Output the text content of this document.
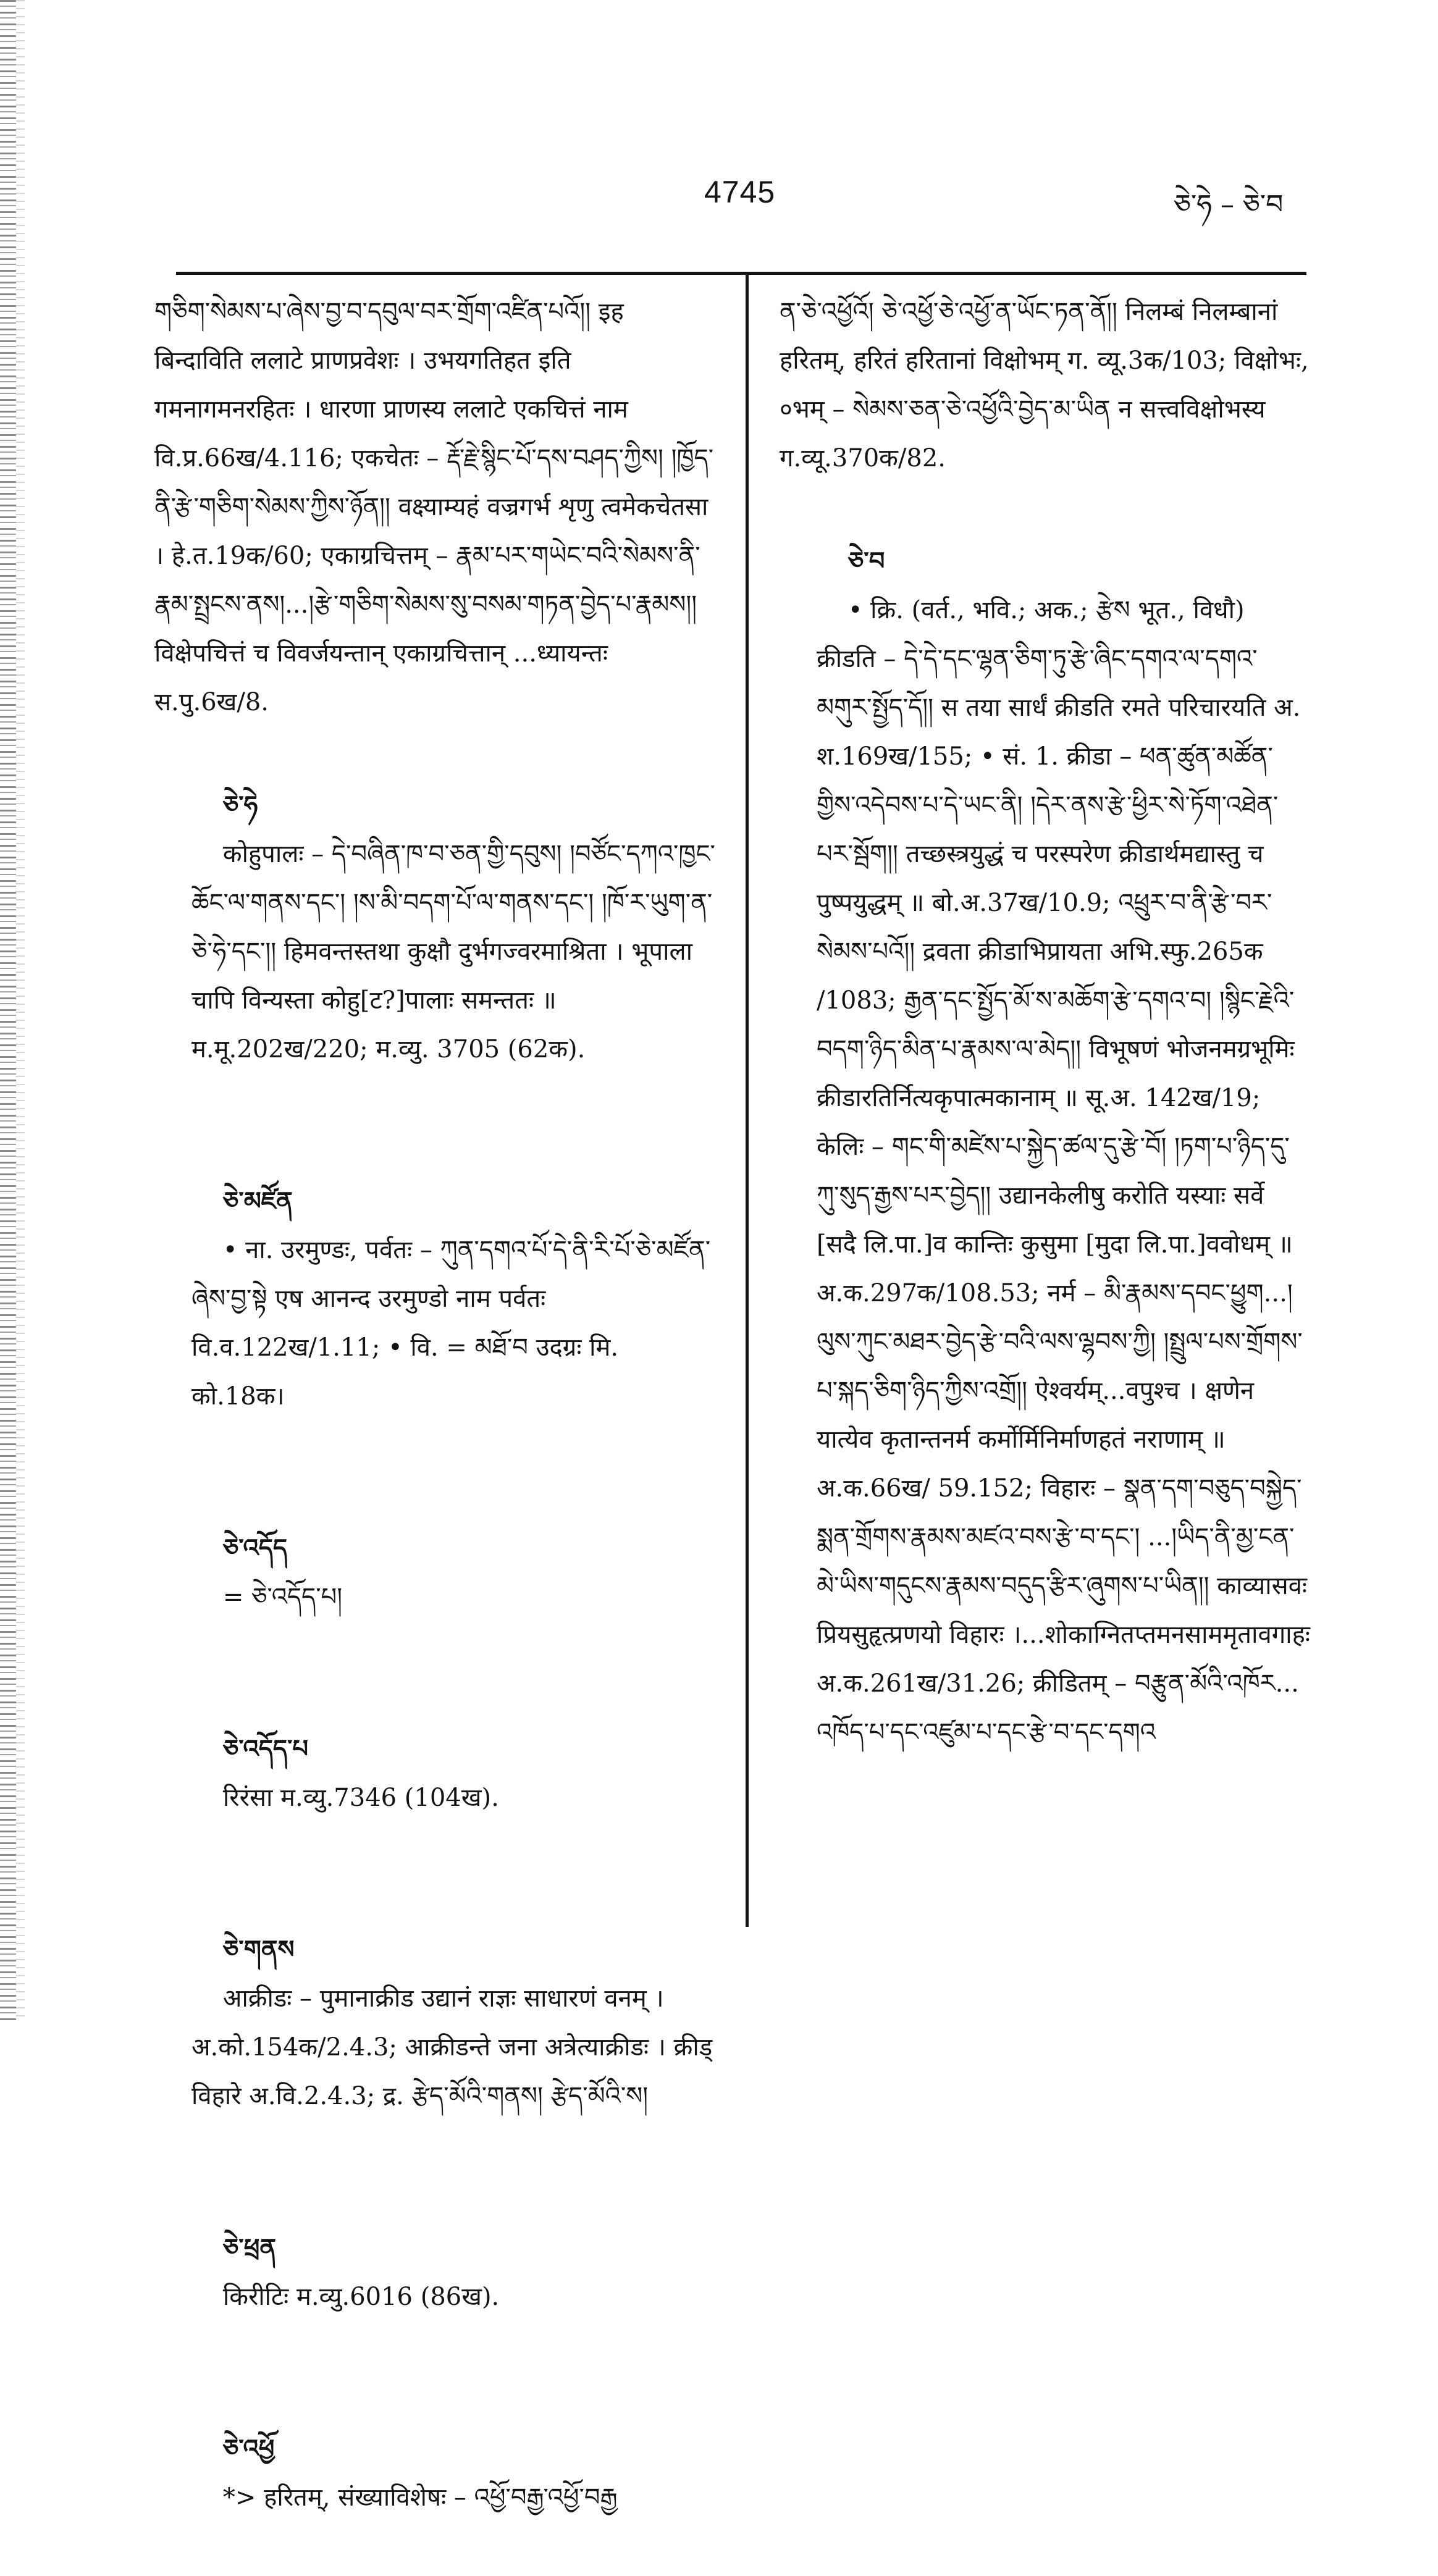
4745	ཅེ་ཧེ – ཅེ་བ
གཅིག་སེམས་པ་ཞེས་བྱ་བ་དབུལ་བར་གྲོག་འཛིན་པའོ།། इह बिन्दाविति ललाटे प्राणप्रवेशः । उभयगतिहत इति गमनागमनरहितः । धारणा प्राणस्य ललाटे एकचित्तं नाम वि.प्र.66ख/4.116; एकचेतः – རྡོ་རྗེ་སྙིང་པོ་དས་བཤད་ཀྱིས། །ཁྱོད་ནི་རྩེ་གཅིག་སེམས་ཀྱིས་ཉོན།། वक्ष्याम्यहं वज्रगर्भ शृणु त्वमेकचेतसा । हे.त.19क/60; एकाग्रचित्तम् – རྣམ་པར་གཡེང་བའི་སེམས་ནི་རྣམ་སྤྲངས་ནས།...།རྩེ་གཅིག་སེམས་སུ་བསམ་གཏན་བྱེད་པ་རྣམས།། विक्षेपचित्तं च विवर्जयन्तान् एकाग्रचित्तान् ...ध्यायन्तः स.पु.6ख/8.

ཅེ་ཧེ
कोहुपालः – དེ་བཞིན་ཁ་བ་ཅན་གྱི་དབུས། །བཙོང་དཀའ་ཁྱང་ཆོང་ལ་གནས་དང་། །ས་མི་བདག་པོ་ལ་གནས་དང་། །ཁོ་ར་ཡུག་ན་ཅེ་ཧེ་དང་།། हिमवन्तस्तथा कुक्षौ दुर्भगज्वरमाश्रिता । भूपाला चापि विन्यस्ता कोहु[ट?]पालाः समन्ततः ॥ म.मू.202ख/220; म.व्यु. 3705 (62क).

ཅེ་མཛོན
• ना. उरमुण्डः, पर्वतः – ཀུན་དགའ་པོ་དེ་ནི་རི་པོ་ཅེ་མཛོན་ཞེས་བྱ་སྟེ एष आनन्द उरमुण्डो नाम पर्वतः वि.व.122ख/1.11; • वि. = མཐོ་བ उदग्रः मि. को.18क।

ཅེ་འདོད
= ཅེ་འདོད་པ།

ཅེ་འདོད་པ
रिरंसा म.व्यु.7346 (104ख).

ཅེ་གནས
आक्रीडः – पुमानाक्रीड उद्यानं राज्ञः साधारणं वनम् । अ.को.154क/2.4.3; आक्रीडन्ते जना अत्रेत्याक्रीडः । क्रीड् विहारे अ.वि.2.4.3; द्र. རྩེད་མོའི་གནས། རྩེད་མོའི་ས།

ཅེ་ཕྲན
किरीटिः म.व्यु.6016 (86ख).

ཅེ་འཕྱོ
*> हरितम्, संख्याविशेषः – འཕྱོ་བརྒྱ་འཕྱོ་བརྒྱ

ན་ཅེ་འཕྱོའོ། ཅེ་འཕྱོ་ཅེ་འཕྱོ་ན་ཡོང་ཏན་ནོ།། निलम्बं निलम्बानां हरितम्, हरितं हरितानां विक्षोभम् ग. व्यू.3क/103; विक्षोभः, ०भम् – སེམས་ཅན་ཅེ་འཕྱོའི་བྱེད་མ་ཡིན न सत्त्वविक्षोभस्य ग.व्यू.370क/82.

ཅེ་བ
• क्रि. (वर्त., भवि.; अक.; རྩེས भूत., विधौ) क्रीडति – དེ་དེ་དང་ལྷན་ཅིག་ཏུ་རྩེ་ཞིང་དགའ་ལ་དགའ་མགུར་སྤྱོད་དོ།། स तया सार्धं क्रीडति रमते परिचारयति अ. श.169ख/155; • सं. 1. क्रीडा – ཕན་ཚུན་མཚོན་གྱིས་འདེབས་པ་དེ་ཡང་ནི། །དེར་ནས་རྩེ་ཕྱིར་སེ་ཏོག་འཐེན་པར་སྦོག།། तच्छस्त्रयुद्धं च परस्परेण क्रीडार्थमद्यास्तु च पुष्पयुद्धम् ॥ बो.अ.37ख/10.9; འཕྲུར་བ་ནི་རྩེ་བར་སེམས་པའོ།། द्रवता क्रीडाभिप्रायता अभि.स्फु.265क /1083; རྒྱན་དང་སྤྱོད་མོ་ས་མཆོག་རྩེ་དགའ་བ། །སྙིང་རྗེའི་བདག་ཉིད་མིན་པ་རྣམས་ལ་མེད།། विभूषणं भोजनमग्रभूमिः क्रीडारतिर्नित्यकृपात्मकानाम् ॥ सू.अ. 142ख/19; केलिः – གང་གི་མཛེས་པ་སྐྱེད་ཚལ་དུ་རྩེ་བོ། །ཏག་པ་ཉིད་དུ་ཀུ་སུད་རྒྱས་པར་བྱེད།། उद्यानकेलीषु करोति यस्याः सर्वे [सदै लि.पा.]व कान्तिः कुसुमा [मुदा लि.पा.]ववोधम् ॥ अ.क.297क/108.53; नर्म – མི་རྣམས་དབང་ཕྱུག...།ལུས་ཀུང་མཐར་བྱེད་རྩེ་བའི་ལས་ལྷབས་ཀྱི། །སྤྲུལ་པས་གྲོགས་པ་སྐད་ཅིག་ཉིད་ཀྱིས་འགྲོ།། ऐश्वर्यम्...वपुश्च । क्षणेन यात्येव कृतान्तनर्म कर्मोर्मिनिर्माणहतं नराणाम् ॥ अ.क.66ख/ 59.152; विहारः – སྣན་དག་བཅུད་བསྐྱེད་སྨན་གྲོགས་རྣམས་མཛའ་བས་རྩེ་བ་དང་། ...།ཡིད་ནི་མྱ་ངན་མེ་ཡིས་གདུངས་རྣམས་བདུད་རྩིར་ཞུགས་པ་ཡིན།། काव्यासवः प्रियसुहृत्प्रणयो विहारः ।...शोकाग्नितप्तमनसाममृतावगाहः अ.क.261ख/31.26; क्रीडितम् – བརྩུན་མོའི་འཁོར... འཁོད་པ་དང་འཛུམ་པ་དང་རྩེ་བ་དང་དགའ
